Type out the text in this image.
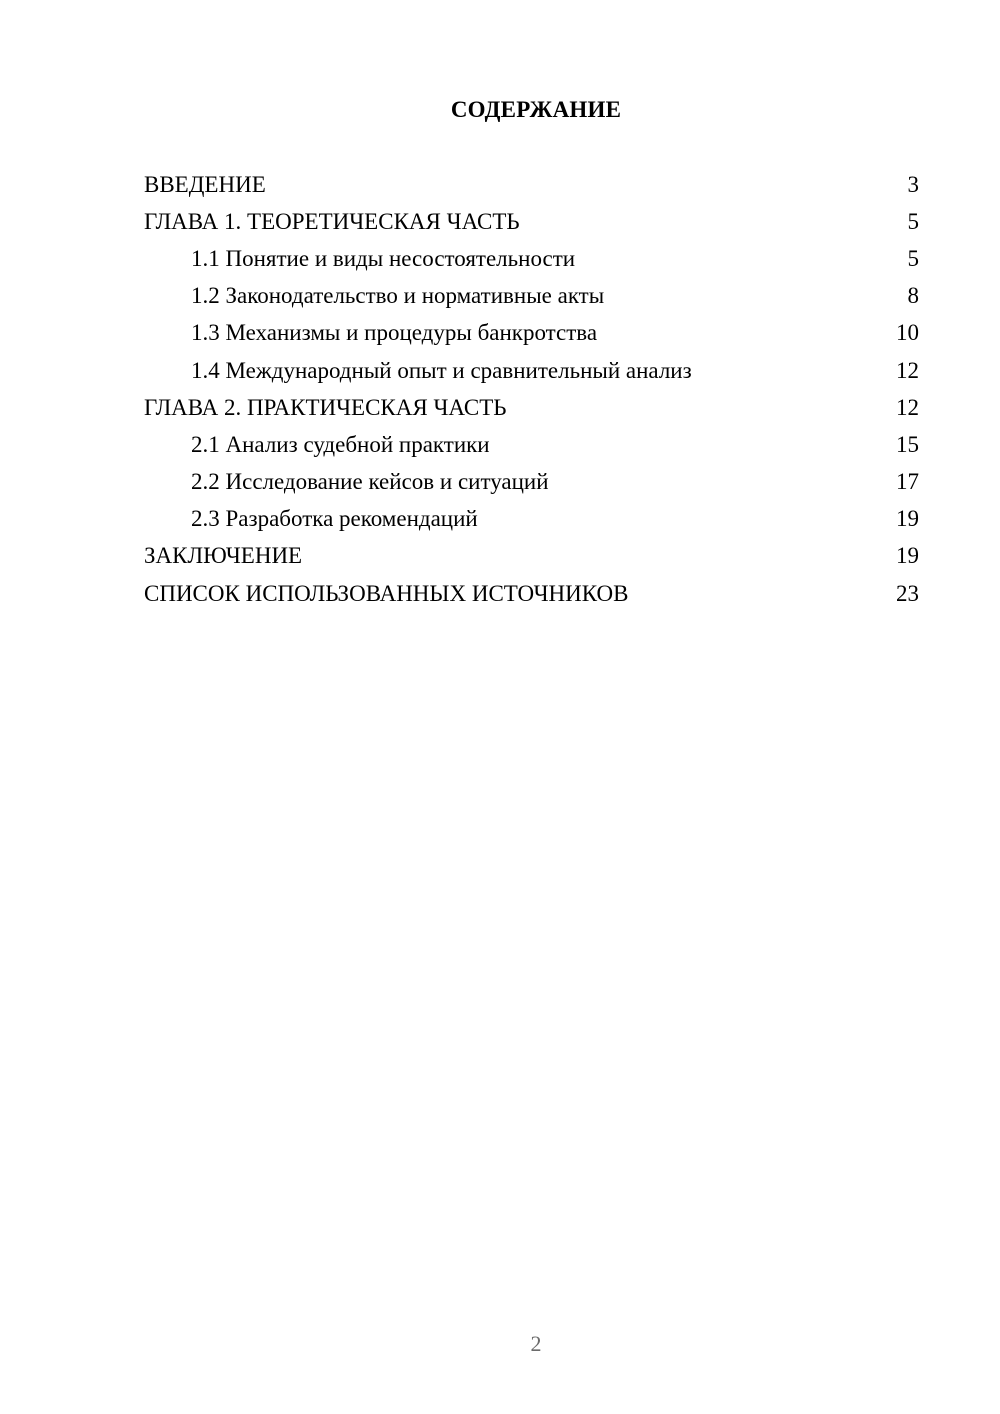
СОДЕРЖАНИЕ
ВВЕДЕНИЕ	3
ГЛАВА 1. ТЕОРЕТИЧЕСКАЯ ЧАСТЬ	5
1.1 Понятие и виды несостоятельности	5
1.2 Законодательство и нормативные акты	8
1.3 Механизмы и процедуры банкротства	10
1.4 Международный опыт и сравнительный анализ	12
ГЛАВА 2. ПРАКТИЧЕСКАЯ ЧАСТЬ	12
2.1 Анализ судебной практики	15
2.2 Исследование кейсов и ситуаций	17
2.3 Разработка рекомендаций	19
ЗАКЛЮЧЕНИЕ	19
СПИСОК ИСПОЛЬЗОВАННЫХ ИСТОЧНИКОВ	23
2
